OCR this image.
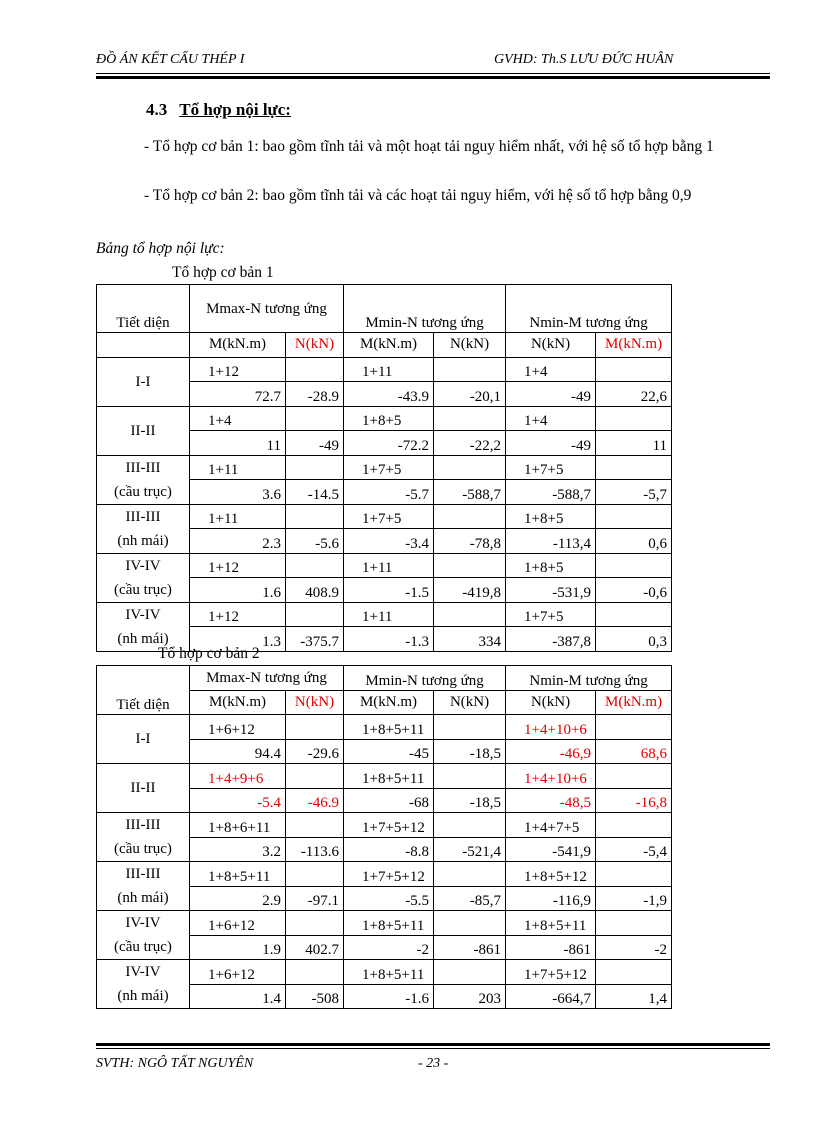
ĐỒ ÁN KẾT CẤU THÉP I	GVHD: Th.S LƯU ĐỨC HUÂN
4.3 Tổ hợp nội lực:
- Tổ hợp cơ bản 1: bao gồm tĩnh tải và một hoạt tải nguy hiểm nhất, với hệ số tổ hợp bằng 1
- Tổ hợp cơ bản 2: bao gồm tĩnh tải và các hoạt tải nguy hiểm, với hệ số tổ hợp bằng 0,9
Bảng tổ hợp nội lực:
Tổ hợp cơ bản 1
Tiết diện	Mmax-N tương ứng		Mmin-N tương ứng		Nmin-M tương ứng	
	M(kN.m)	N(kN)	M(kN.m)	N(kN)	N(kN)	M(kN.m)
I-I	1+12		1+11		1+4	
	72.7	-28.9	-43.9	-20,1	-49	22,6
II-II	1+4		1+8+5		1+4	
	11	-49	-72.2	-22,2	-49	11
III-III
(cầu trục)	1+11		1+7+5		1+7+5	
	3.6	-14.5	-5.7	-588,7	-588,7	-5,7
III-III
(nh mái)	1+11		1+7+5		1+8+5	
	2.3	-5.6	-3.4	-78,8	-113,4	0,6
IV-IV
(cầu trục)	1+12		1+11		1+8+5	
	1.6	408.9	-1.5	-419,8	-531,9	-0,6
IV-IV
(nh mái)	1+12		1+11		1+7+5	
	1.3	-375.7	-1.3	334	-387,8	0,3
Tổ hợp cơ bản 2
Tiết diện	Mmax-N tương ứng		Mmin-N tương ứng		Nmin-M tương ứng	
	M(kN.m)	N(kN)	M(kN.m)	N(kN)	N(kN)	M(kN.m)
I-I	1+6+12		1+8+5+11		1+4+10+6	
	94.4	-29.6	-45	-18,5	-46,9	68,6
II-II	1+4+9+6		1+8+5+11		1+4+10+6	
	-5.4	-46.9	-68	-18,5	-48,5	-16,8
III-III
(cầu trục)	1+8+6+11		1+7+5+12		1+4+7+5	
	3.2	-113.6	-8.8	-521,4	-541,9	-5,4
III-III
(nh mái)	1+8+5+11		1+7+5+12		1+8+5+12	
	2.9	-97.1	-5.5	-85,7	-116,9	-1,9
IV-IV
(cầu trục)	1+6+12		1+8+5+11		1+8+5+11	
	1.9	402.7	-2	-861	-861	-2
IV-IV
(nh mái)	1+6+12		1+8+5+11		1+7+5+12	
	1.4	-508	-1.6	203	-664,7	1,4
SVTH: NGÔ TẤT NGUYÊN	- 23 -
